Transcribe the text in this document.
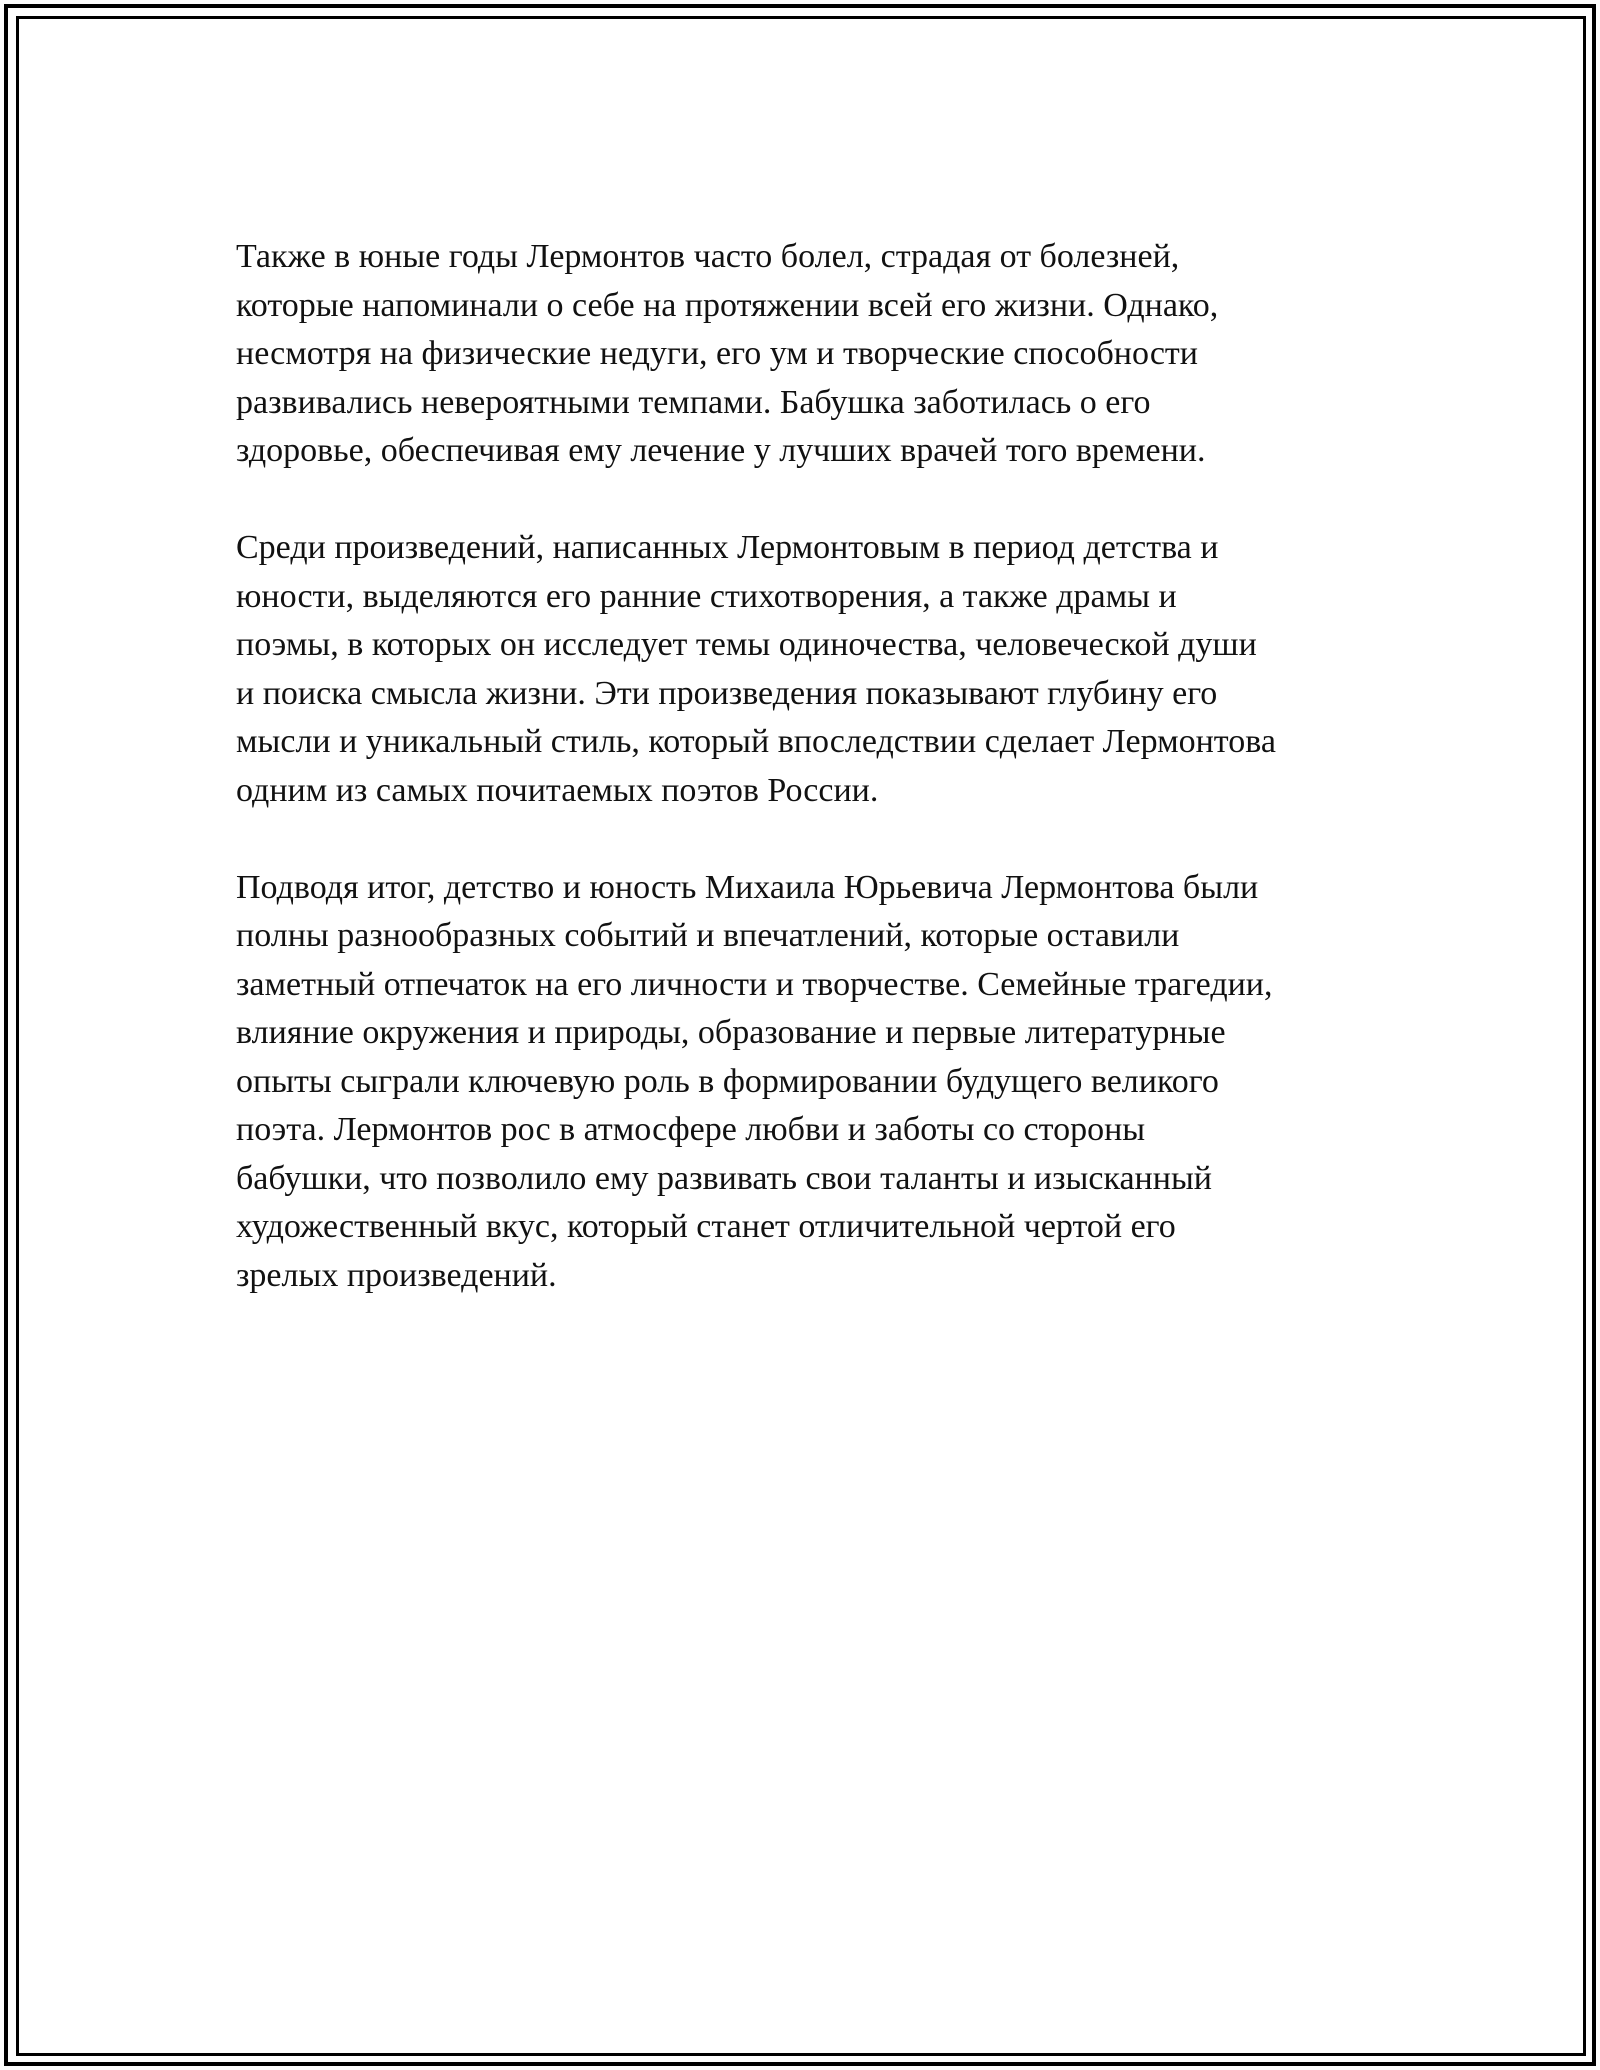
Также в юные годы Лермонтов часто болел, страдая от болезней,
которые напоминали о себе на протяжении всей его жизни. Однако,
несмотря на физические недуги, его ум и творческие способности
развивались невероятными темпами. Бабушка заботилась о его
здоровье, обеспечивая ему лечение у лучших врачей того времени.

Среди произведений, написанных Лермонтовым в период детства и
юности, выделяются его ранние стихотворения, а также драмы и
поэмы, в которых он исследует темы одиночества, человеческой души
и поиска смысла жизни. Эти произведения показывают глубину его
мысли и уникальный стиль, который впоследствии сделает Лермонтова
одним из самых почитаемых поэтов России.

Подводя итог, детство и юность Михаила Юрьевича Лермонтова были
полны разнообразных событий и впечатлений, которые оставили
заметный отпечаток на его личности и творчестве. Семейные трагедии,
влияние окружения и природы, образование и первые литературные
опыты сыграли ключевую роль в формировании будущего великого
поэта. Лермонтов рос в атмосфере любви и заботы со стороны
бабушки, что позволило ему развивать свои таланты и изысканный
художественный вкус, который станет отличительной чертой его
зрелых произведений.
